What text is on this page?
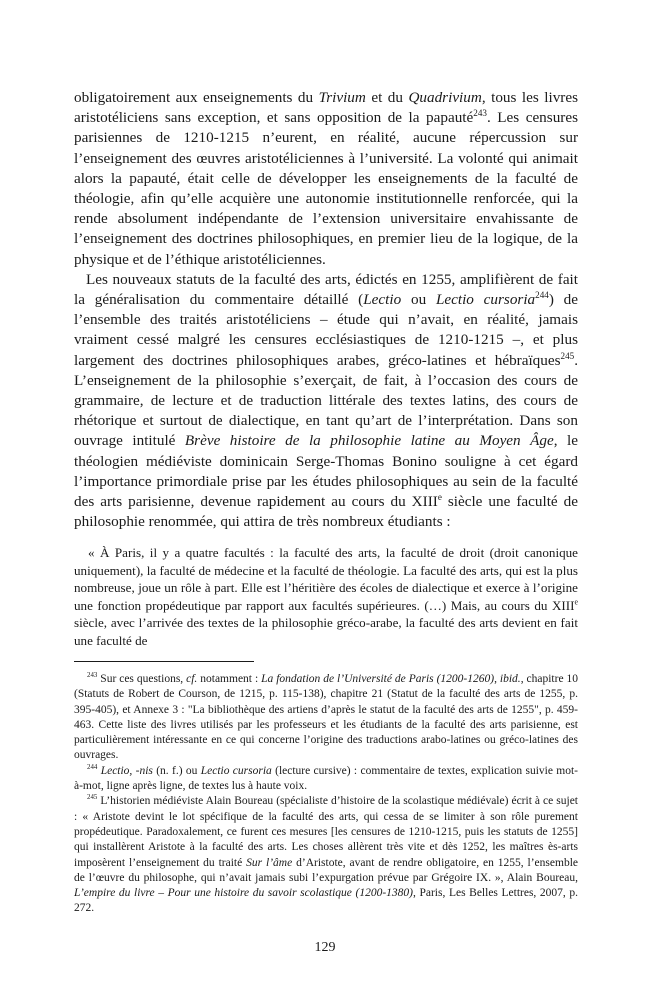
obligatoirement aux enseignements du Trivium et du Quadrivium, tous les livres aristotéliciens sans exception, et sans opposition de la papauté$^{243}$. Les censures parisiennes de 1210-1215 n’eurent, en réalité, aucune répercussion sur l’enseignement des œuvres aristotéliciennes à l’université. La volonté qui animait alors la papauté, était celle de développer les enseignements de la faculté de théologie, afin qu’elle acquière une autonomie institutionnelle renforcée, qui la rende absolument indépendante de l’extension universitaire envahissante de l’enseignement des doctrines philosophiques, en premier lieu de la logique, de la physique et de l’éthique aristotéliciennes.

Les nouveaux statuts de la faculté des arts, édictés en 1255, amplifièrent de fait la généralisation du commentaire détaillé (Lectio ou Lectio cursoria$^{244}$) de l’ensemble des traités aristotéliciens – étude qui n’avait, en réalité, jamais vraiment cessé malgré les censures ecclésiastiques de 1210-1215 –, et plus largement des doctrines philosophiques arabes, gréco-latines et hébraïques$^{245}$. L’enseignement de la philosophie s’exerçait, de fait, à l’occasion des cours de grammaire, de lecture et de traduction littérale des textes latins, des cours de rhétorique et surtout de dialectique, en tant qu’art de l’interprétation. Dans son ouvrage intitulé Brève histoire de la philosophie latine au Moyen Âge, le théologien médiéviste dominicain Serge-Thomas Bonino souligne à cet égard l’importance primordiale prise par les études philosophiques au sein de la faculté des arts parisienne, devenue rapidement au cours du XIIIe siècle une faculté de philosophie renommée, qui attira de très nombreux étudiants :

« À Paris, il y a quatre facultés : la faculté des arts, la faculté de droit (droit canonique uniquement), la faculté de médecine et la faculté de théologie. La faculté des arts, qui est la plus nombreuse, joue un rôle à part. Elle est l’héritière des écoles de dialectique et exerce à l’origine une fonction propédeutique par rapport aux facultés supérieures. (…) Mais, au cours du XIIIe siècle, avec l’arrivée des textes de la philosophie gréco-arabe, la faculté des arts devient en fait une faculté de

$^{243}$ Sur ces questions, cf. notamment : La fondation de l’Université de Paris (1200-1260), ibid., chapitre 10 (Statuts de Robert de Courson, de 1215, p. 115-138), chapitre 21 (Statut de la faculté des arts de 1255, p. 395-405), et Annexe 3 : "La bibliothèque des artiens d’après le statut de la faculté des arts de 1255", p. 459-463. Cette liste des livres utilisés par les professeurs et les étudiants de la faculté des arts parisienne, est particulièrement intéressante en ce qui concerne l’origine des traductions arabo-latines ou gréco-latines des ouvrages.

$^{244}$ Lectio, -nis (n. f.) ou Lectio cursoria (lecture cursive) : commentaire de textes, explication suivie mot-à-mot, ligne après ligne, de textes lus à haute voix.

$^{245}$ L’historien médiéviste Alain Boureau (spécialiste d’histoire de la scolastique médiévale) écrit à ce sujet : « Aristote devint le lot spécifique de la faculté des arts, qui cessa de se limiter à son rôle purement propédeutique. Paradoxalement, ce furent ces mesures [les censures de 1210-1215, puis les statuts de 1255] qui installèrent Aristote à la faculté des arts. Les choses allèrent très vite et dès 1252, les maîtres ès-arts imposèrent l’enseignement du traité Sur l’âme d’Aristote, avant de rendre obligatoire, en 1255, l’ensemble de l’œuvre du philosophe, qui n’avait jamais subi l’expurgation prévue par Grégoire IX. », Alain Boureau, L’empire du livre – Pour une histoire du savoir scolastique (1200-1380), Paris, Les Belles Lettres, 2007, p. 272.

129
